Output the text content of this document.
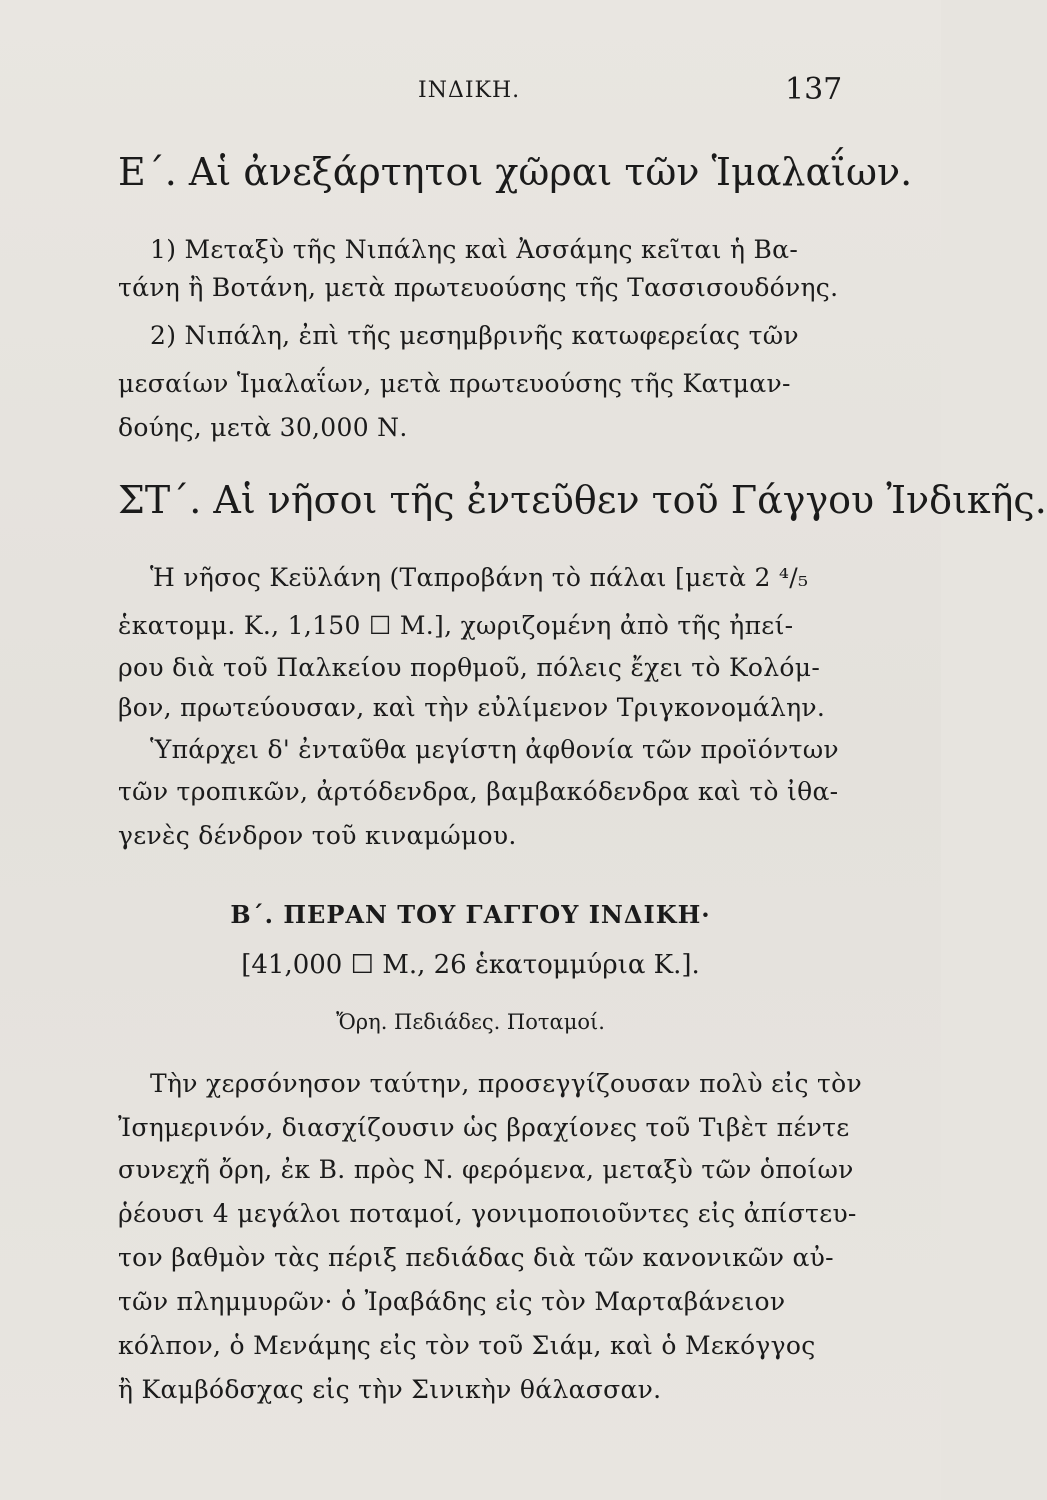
ΙΝΔΙΚΗ.	137
Ε΄. Αἱ ἀνεξάρτητοι χῶραι τῶν Ἱμαλαΐων.
1) Μεταξὺ τῆς Νιπάλης καὶ Ἀσσάμης κεῖται ἡ Βα-
τάνη ἢ Βοτάνη, μετὰ πρωτευούσης τῆς Τασσισουδόνης.
2) Νιπάλη, ἐπὶ τῆς μεσημβρινῆς κατωφερείας τῶν
μεσαίων Ἱμαλαΐων, μετὰ πρωτευούσης τῆς Κατμαν-
δούης, μετὰ 30,000 Ν.
ΣΤ΄. Αἱ νῆσοι τῆς ἐντεῦθεν τοῦ Γάγγου Ἰνδικῆς.
Ἡ νῆσος Κεϋλάνη (Ταπροβάνη τὸ πάλαι [μετὰ 2 ⁴/₅
ἑκατομμ. Κ., 1,150 ☐ Μ.], χωριζομένη ἀπὸ τῆς ἠπεί-
ρου διὰ τοῦ Παλκείου πορθμοῦ, πόλεις ἔχει τὸ Κολόμ-
βον, πρωτεύουσαν, καὶ τὴν εὐλίμενον Τριγκονομάλην.
Ὑπάρχει δ' ἐνταῦθα μεγίστη ἀφθονία τῶν προϊόντων
τῶν τροπικῶν, ἀρτόδενδρα, βαμβακόδενδρα καὶ τὸ ἰθα-
γενὲς δένδρον τοῦ κιναμώμου.
Β΄. ΠΕΡΑΝ ΤΟΥ ΓΑΓΓΟΥ ΙΝΔΙΚΗ·
[41,000 ☐ Μ., 26 ἑκατομμύρια Κ.].
Ὄρη. Πεδιάδες. Ποταμοί.
Τὴν χερσόνησον ταύτην, προσεγγίζουσαν πολὺ εἰς τὸν
Ἰσημερινόν, διασχίζουσιν ὡς βραχίονες τοῦ Τιβὲτ πέντε
συνεχῆ ὄρη, ἐκ Β. πρὸς Ν. φερόμενα, μεταξὺ τῶν ὁποίων
ῥέουσι 4 μεγάλοι ποταμοί, γονιμοποιοῦντες εἰς ἀπίστευ-
τον βαθμὸν τὰς πέριξ πεδιάδας διὰ τῶν κανονικῶν αὐ-
τῶν πλημμυρῶν· ὁ Ἰραβάδης εἰς τὸν Μαρταβάνειον
κόλπον, ὁ Μενάμης εἰς τὸν τοῦ Σιάμ, καὶ ὁ Μεκόγγος
ἢ Καμβόδσχας εἰς τὴν Σινικὴν θάλασσαν.
